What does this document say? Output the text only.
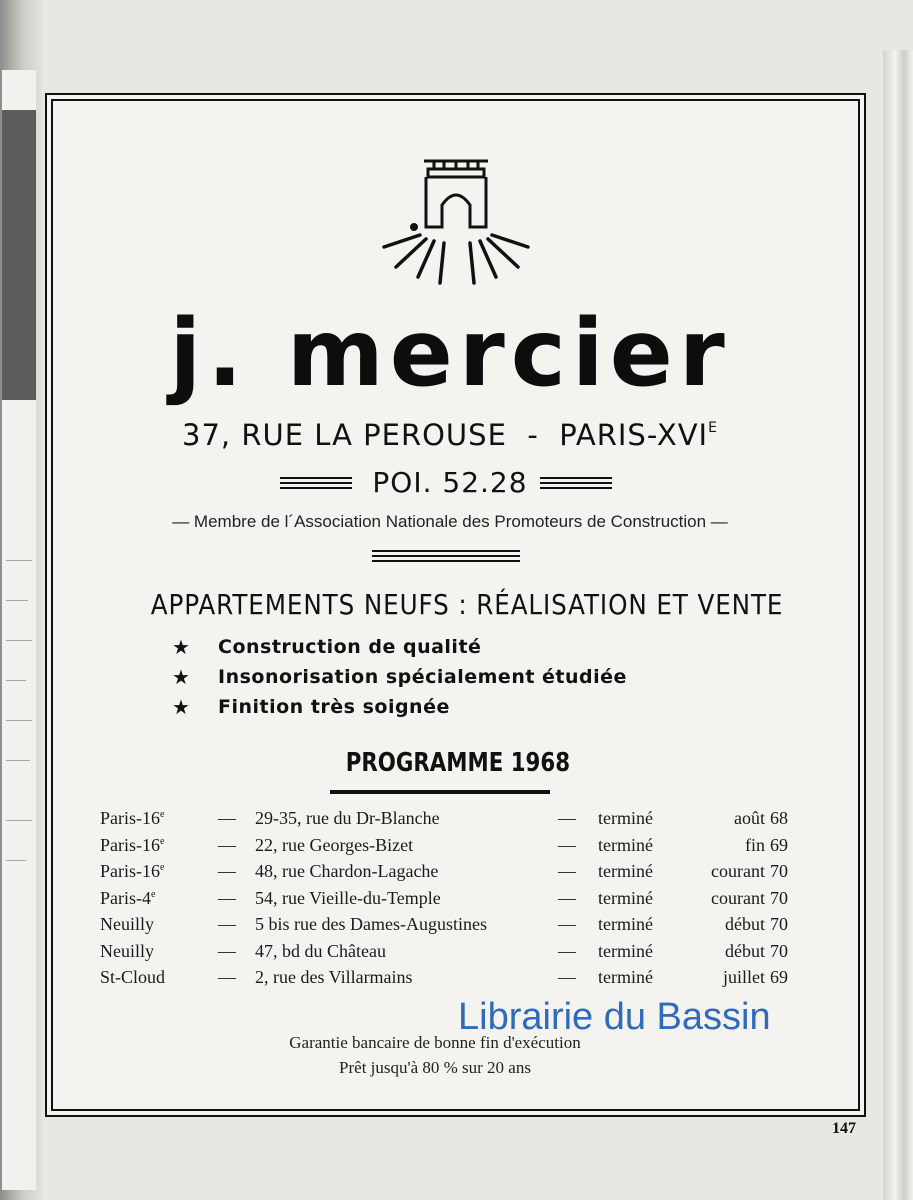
j. mercier
37, RUE LA PEROUSE - PARIS-$XVI^E$
POI. 52.28
— Membre de l´Association Nationale des Promoteurs de Construction —
APPARTEMENTS NEUFS : RÉALISATION ET VENTE
★	Construction de qualité
★	Insonorisation spécialement étudiée
★	Finition très soignée
PROGRAMME 1968
Paris-16e	— 29-35, rue du Dr-Blanche	— terminé	août 68
Paris-16e	— 22, rue Georges-Bizet	— terminé	fin 69
Paris-16e	— 48, rue Chardon-Lagache	— terminé	courant 70
Paris-4e	— 54, rue Vieille-du-Temple	— terminé	courant 70
Neuilly	— 5 bis rue des Dames-Augustines	— terminé	début 70
Neuilly	— 47, bd du Château	— terminé	début 70
St-Cloud	— 2, rue des Villarmains	— terminé	juillet 69
Garantie bancaire de bonne fin d'exécution
Prêt jusqu'à 80 % sur 20 ans
Librairie du Bassin
147
